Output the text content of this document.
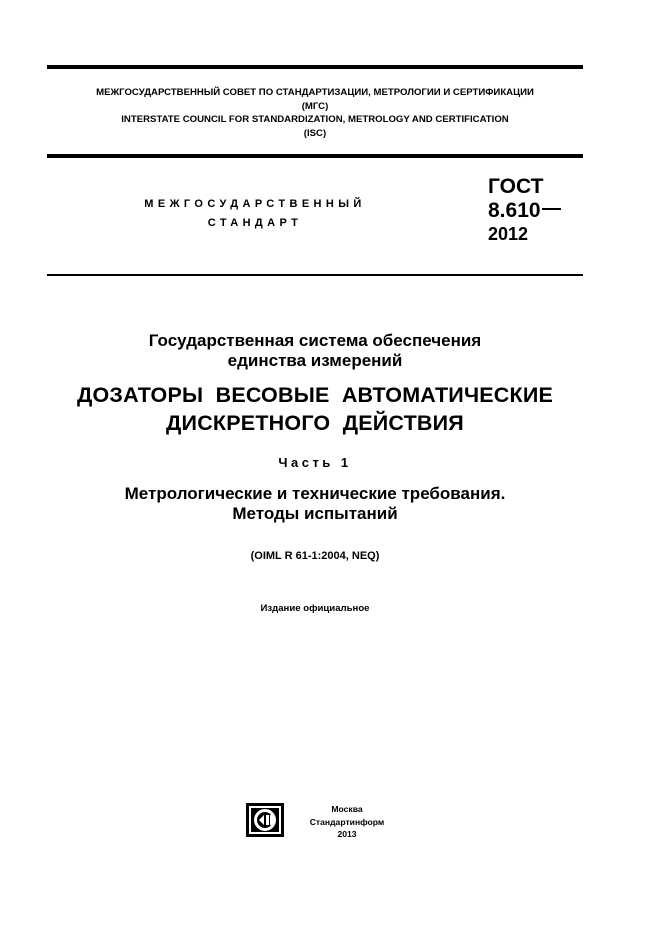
МЕЖГОСУДАРСТВЕННЫЙ СОВЕТ ПО СТАНДАРТИЗАЦИИ, МЕТРОЛОГИИ И СЕРТИФИКАЦИИ
(МГС)
INTERSTATE COUNCIL FOR STANDARDIZATION, METROLOGY AND CERTIFICATION
(ISC)
МЕЖГОСУДАРСТВЕННЫЙ
СТАНДАРТ
ГОСТ
8.610
2012
Государственная система обеспечения
единства измерений
ДОЗАТОРЫ  ВЕСОВЫЕ  АВТОМАТИЧЕСКИЕ
ДИСКРЕТНОГО  ДЕЙСТВИЯ
Часть 1
Метрологические и технические требования.
Методы испытаний
(OIML R 61-1:2004, NEQ)
Издание официальное
Москва
Стандартинформ
2013
